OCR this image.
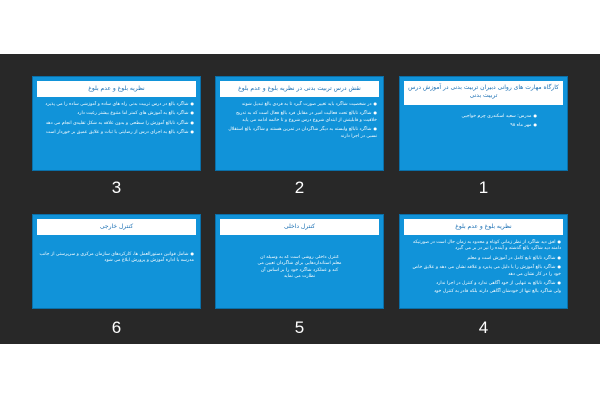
نظریه بلوغ و عدم بلوغ

● شاگرد بالغ در درس تربیت بدنی راه های ساده و آموزشی ساده را می پذیرد

● شاگرد بالغ به آموزش های کمتر اما متنوع بیشتر رغبت دارد

● شاگرد نابالغ آموزش را سطحی و بدون علاقه به شکل تقلیدی انجام می دهد

● شاگرد بالغ به اجرای درس از رضایتی با ثبات و علایق عمیق بر خوردار است

3
نقش درس تربیت بدنی در نظریه بلوغ و عدم بلوغ

● در شخصیت شاگرد باید تغییر صورت گیرد تا به فردی بالغ تبدیل شوند

● شاگرد نابالغ تحت فعالیت امیر در مقابل فرد بالغ فعال است که به تدریج خلاقیت و قابلیتش از ابتدای شروع درس شروع و تا خاتمه ادامه می یابد

● شاگرد نابالغ وابسته به دیگر شاگردان در تمرین هستند و شاگرد بالغ استقلال نسبی در اجرا دارند

2
کارگاه مهارت های روانی دبیران تربیت بدنی در آموزش درس تربیت بدنی

● مدرس: سعید اسکندری چرم خواجیی

● مهر ماه ۹۸

1
کنترل خارجی

● شامل قوانین دستورالعمل ها، کارکردهای سازمان مرکزی و سرپرستی از جانب مدرسه یا اداره آموزش و پرورش ابلاغ می شود

6
کنترل داخلی

کنترل داخلی روشی است که به وسیله آن معلم استانداردهایی برای شاگردان تعیین می کند و عملکرد شاگرد خود را بر اساس آن نظارت می نماید

5
نظریه بلوغ و عدم بلوغ

● افق دید شاگرد از نظر زمانی کوتاه و محدود به زمان حال است در صورتیکه دامنه دید شاگرد بالغ گذشته و آینده را نیز در بر می گیرد

● شاگرد نابالغ تابع کامل در آموزش است و معلم

● شاگرد بالغ آموزش را با دلیل می پذیرد و علاقه نشان می دهد و علایق خاص خود را در کار نشان می دهد

● شاگرد نابالغ به تنهایی از خود آگاهی ندارد و کنترل در اجرا ندارد

ولی شاگرد بالغ تنها از خودشان آگاهی دارند بلکه قادر به کنترل خود

4
